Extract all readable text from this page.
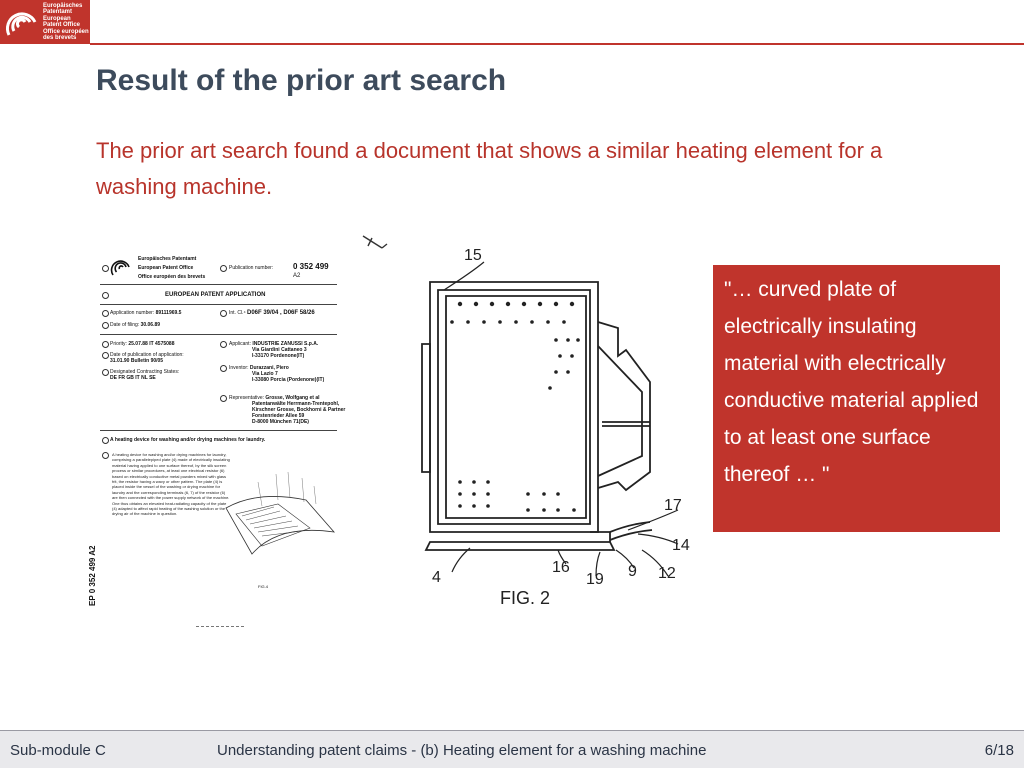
Europäisches
Patentamt
European
Patent Office
Office européen
des brevets
Result of the prior art search

The prior art search found a document that shows a similar heating element for a washing machine.

Europäisches Patentamt
European Patent Office
Office européen des brevets
Publication number: 0 352 499
A2
EUROPEAN PATENT APPLICATION
Application number: 89111969.5
Date of filing: 30.06.89
Int. Cl.⁴ D06F 39/04 , D06F 58/26
Priority: 25.07.88 IT 4575088
Date of publication of application:
31.01.90 Bulletin 90/05
Designated Contracting States:
DE FR GB IT NL SE
Applicant: INDUSTRIE ZANUSSI S.p.A.
Via Giardini Cattaneo 3
I-33170 Pordenone(IT)
Inventor: Durazzani, Piero
Via Lazio 7
I-33080 Porcia (Pordenone)(IT)
Representative: Grosse, Wolfgang et al
Patentanwälte Herrmann-Trentepohl,
Kirschner Grosse, Bockhorni & Partner
Forstenrieder Allee 59
D-8000 München 71(DE)
A heating device for washing and/or drying machines for laundry.
A heating device for washing and/or drying machines for laundry, comprising a parallelepiped plate (4) made of electrically insulating material having applied to one surface thereof, by the silk screen process or similar procedures, at least one electrical resistor (6) based on electrically conductive metal powders mixed with glass frit, the resistor having a wavy or other pattern. The plate (4) is placed inside the vessel of the washing or drying machine for laundry and the corresponding terminals (6, 7) of the resistor (6) are then connected with the power supply network of the machine. One thus obtains an elevated heat-radiating capacity of the plate (4) adapted to affect rapid heating of the washing solution or the drying air of the machine in question.
FIG.4
EP 0 352 499 A2
15
17
14
4
16
19 9 12
FIG. 2

"… curved plate of electrically insulating material with electrically conductive material applied to at least one surface thereof … "

Sub-module C	Understanding patent claims - (b) Heating element for a washing machine	6/18
